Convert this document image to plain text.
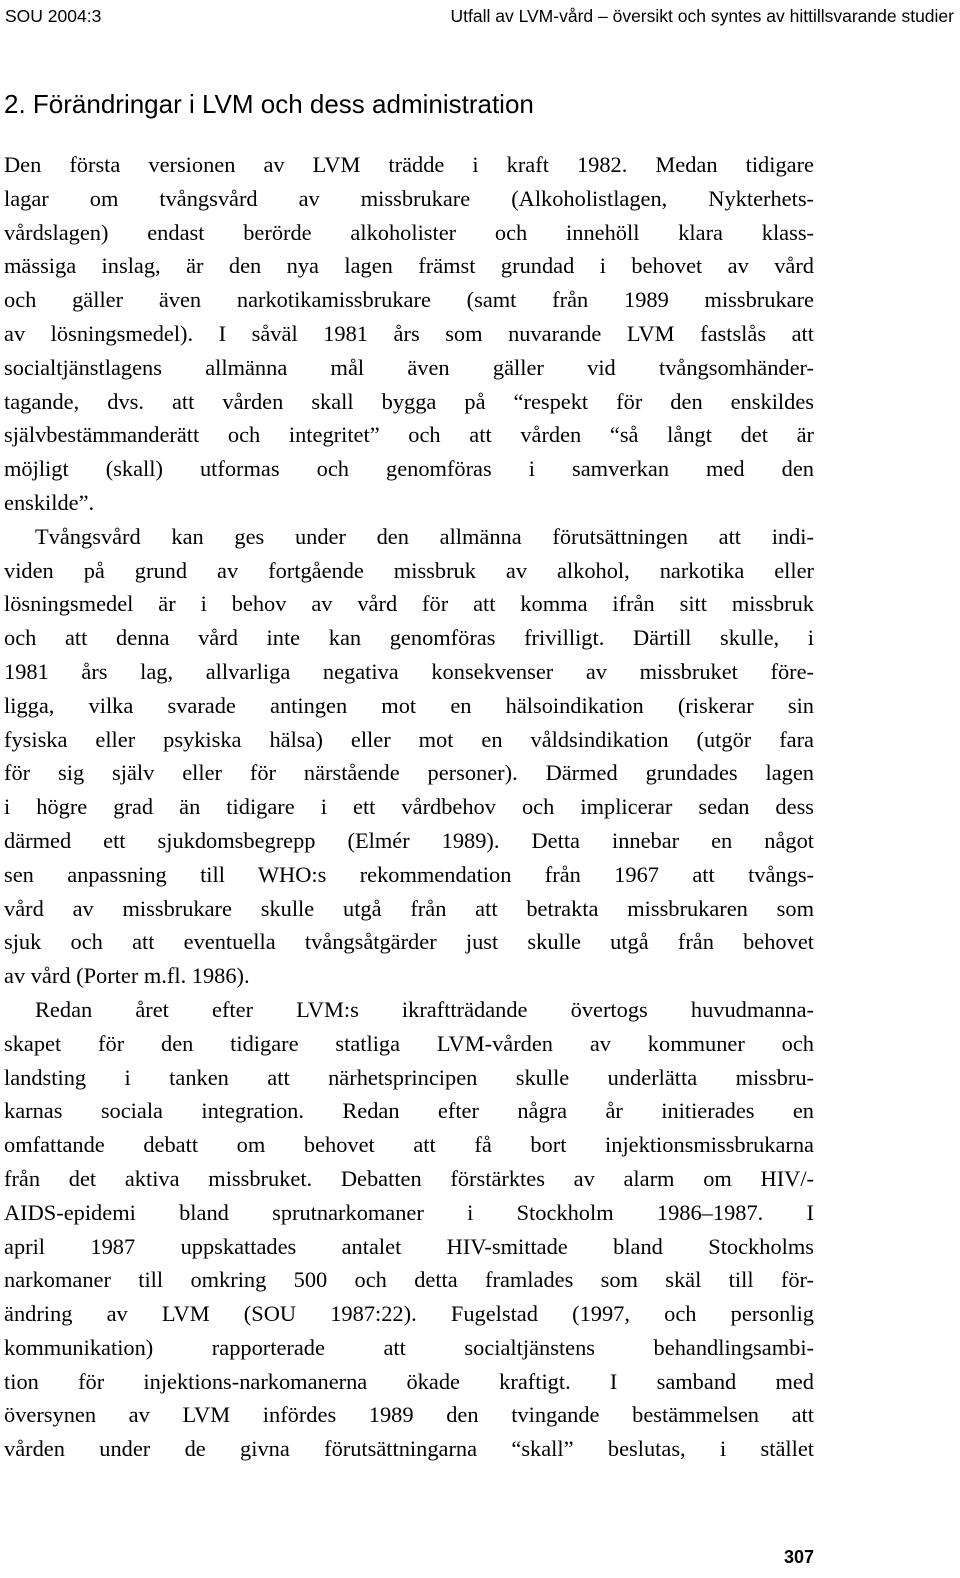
SOU 2004:3	Utfall av LVM-vård – översikt och syntes av hittillsvarande studier
2. Förändringar i LVM och dess administration
Den första versionen av LVM trädde i kraft 1982. Medan tidigare
lagar om tvångsvård av missbrukare (Alkoholistlagen, Nykterhets-
vårdslagen) endast berörde alkoholister och innehöll klara klass-
mässiga inslag, är den nya lagen främst grundad i behovet av vård
och gäller även narkotikamissbrukare (samt från 1989 missbrukare
av lösningsmedel). I såväl 1981 års som nuvarande LVM fastslås att
socialtjänstlagens allmänna mål även gäller vid tvångsomhänder-
tagande, dvs. att vården skall bygga på “respekt för den enskildes
självbestämmanderätt och integritet” och att vården “så långt det är
möjligt (skall) utformas och genomföras i samverkan med den
enskilde”.
Tvångsvård kan ges under den allmänna förutsättningen att indi-
viden på grund av fortgående missbruk av alkohol, narkotika eller
lösningsmedel är i behov av vård för att komma ifrån sitt missbruk
och att denna vård inte kan genomföras frivilligt. Därtill skulle, i
1981 års lag, allvarliga negativa konsekvenser av missbruket före-
ligga, vilka svarade antingen mot en hälsoindikation (riskerar sin
fysiska eller psykiska hälsa) eller mot en våldsindikation (utgör fara
för sig själv eller för närstående personer). Därmed grundades lagen
i högre grad än tidigare i ett vårdbehov och implicerar sedan dess
därmed ett sjukdomsbegrepp (Elmér 1989). Detta innebar en något
sen anpassning till WHO:s rekommendation från 1967 att tvångs-
vård av missbrukare skulle utgå från att betrakta missbrukaren som
sjuk och att eventuella tvångsåtgärder just skulle utgå från behovet
av vård (Porter m.fl. 1986).
Redan året efter LVM:s ikraftträdande övertogs huvudmanna-
skapet för den tidigare statliga LVM-vården av kommuner och
landsting i tanken att närhetsprincipen skulle underlätta missbru-
karnas sociala integration. Redan efter några år initierades en
omfattande debatt om behovet att få bort injektionsmissbrukarna
från det aktiva missbruket. Debatten förstärktes av alarm om HIV/-
AIDS-epidemi bland sprutnarkomaner i Stockholm 1986–1987. I
april 1987 uppskattades antalet HIV-smittade bland Stockholms
narkomaner till omkring 500 och detta framlades som skäl till för-
ändring av LVM (SOU 1987:22). Fugelstad (1997, och personlig
kommunikation) rapporterade att socialtjänstens behandlingsambi-
tion för injektions-narkomanerna ökade kraftigt. I samband med
översynen av LVM infördes 1989 den tvingande bestämmelsen att
vården under de givna förutsättningarna “skall” beslutas, i stället
307
